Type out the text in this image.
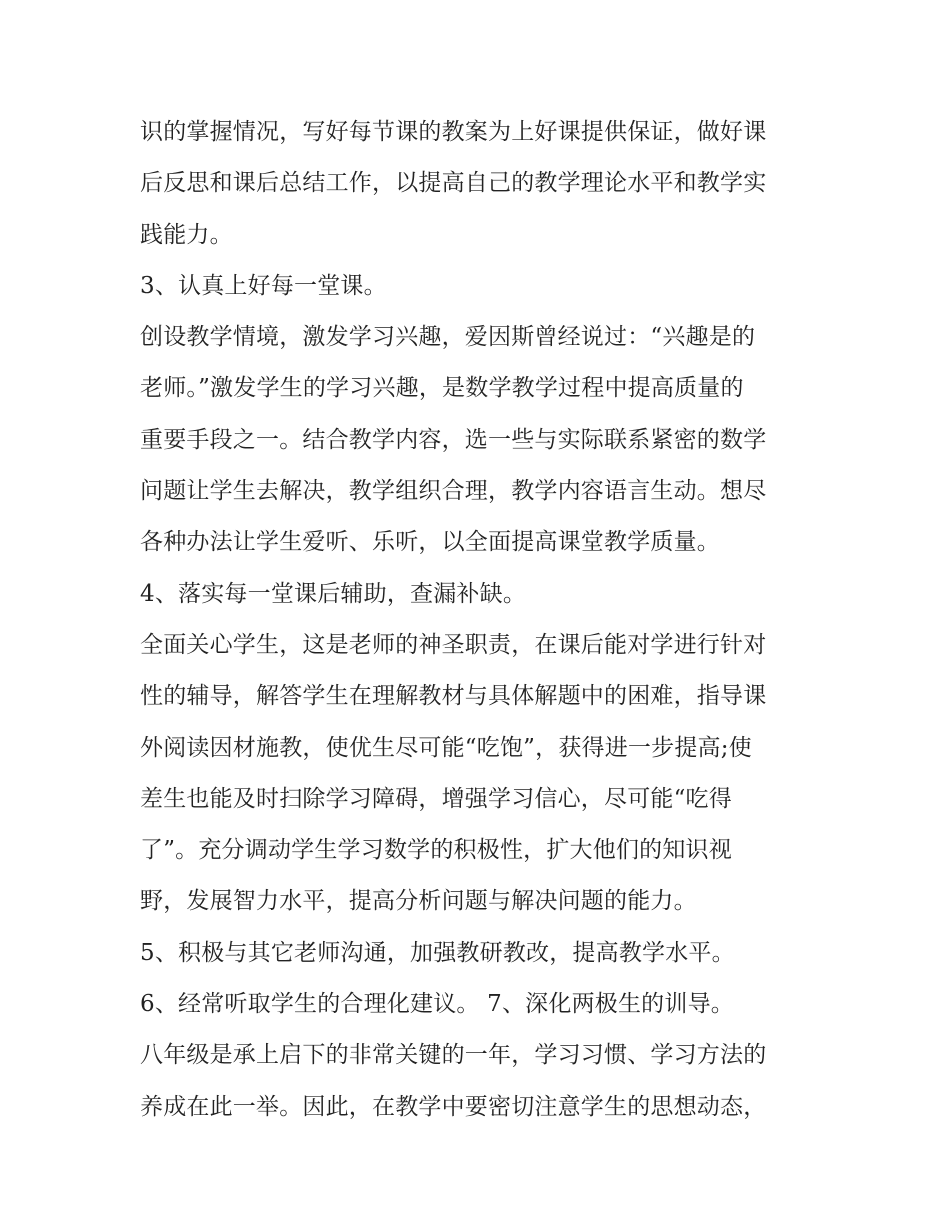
识的掌握情况，写好每节课的教案为上好课提供保证，做好课
后反思和课后总结工作，以提高自己的教学理论水平和教学实
践能力。
3、认真上好每一堂课。
创设教学情境，激发学习兴趣，爱因斯曾经说过：“兴趣是的
老师。”激发学生的学习兴趣，是数学教学过程中提高质量的
重要手段之一。结合教学内容，选一些与实际联系紧密的数学
问题让学生去解决，教学组织合理，教学内容语言生动。想尽
各种办法让学生爱听、乐听，以全面提高课堂教学质量。
4、落实每一堂课后辅助，查漏补缺。
全面关心学生，这是老师的神圣职责，在课后能对学进行针对
性的辅导，解答学生在理解教材与具体解题中的困难，指导课
外阅读因材施教，使优生尽可能“吃饱”，获得进一步提高;使
差生也能及时扫除学习障碍，增强学习信心，尽可能“吃得
了”。充分调动学生学习数学的积极性，扩大他们的知识视
野，发展智力水平，提高分析问题与解决问题的能力。
5、积极与其它老师沟通，加强教研教改，提高教学水平。
6、经常听取学生的合理化建议。 7、深化两极生的训导。
八年级是承上启下的非常关键的一年，学习习惯、学习方法的
养成在此一举。因此，在教学中要密切注意学生的思想动态，
